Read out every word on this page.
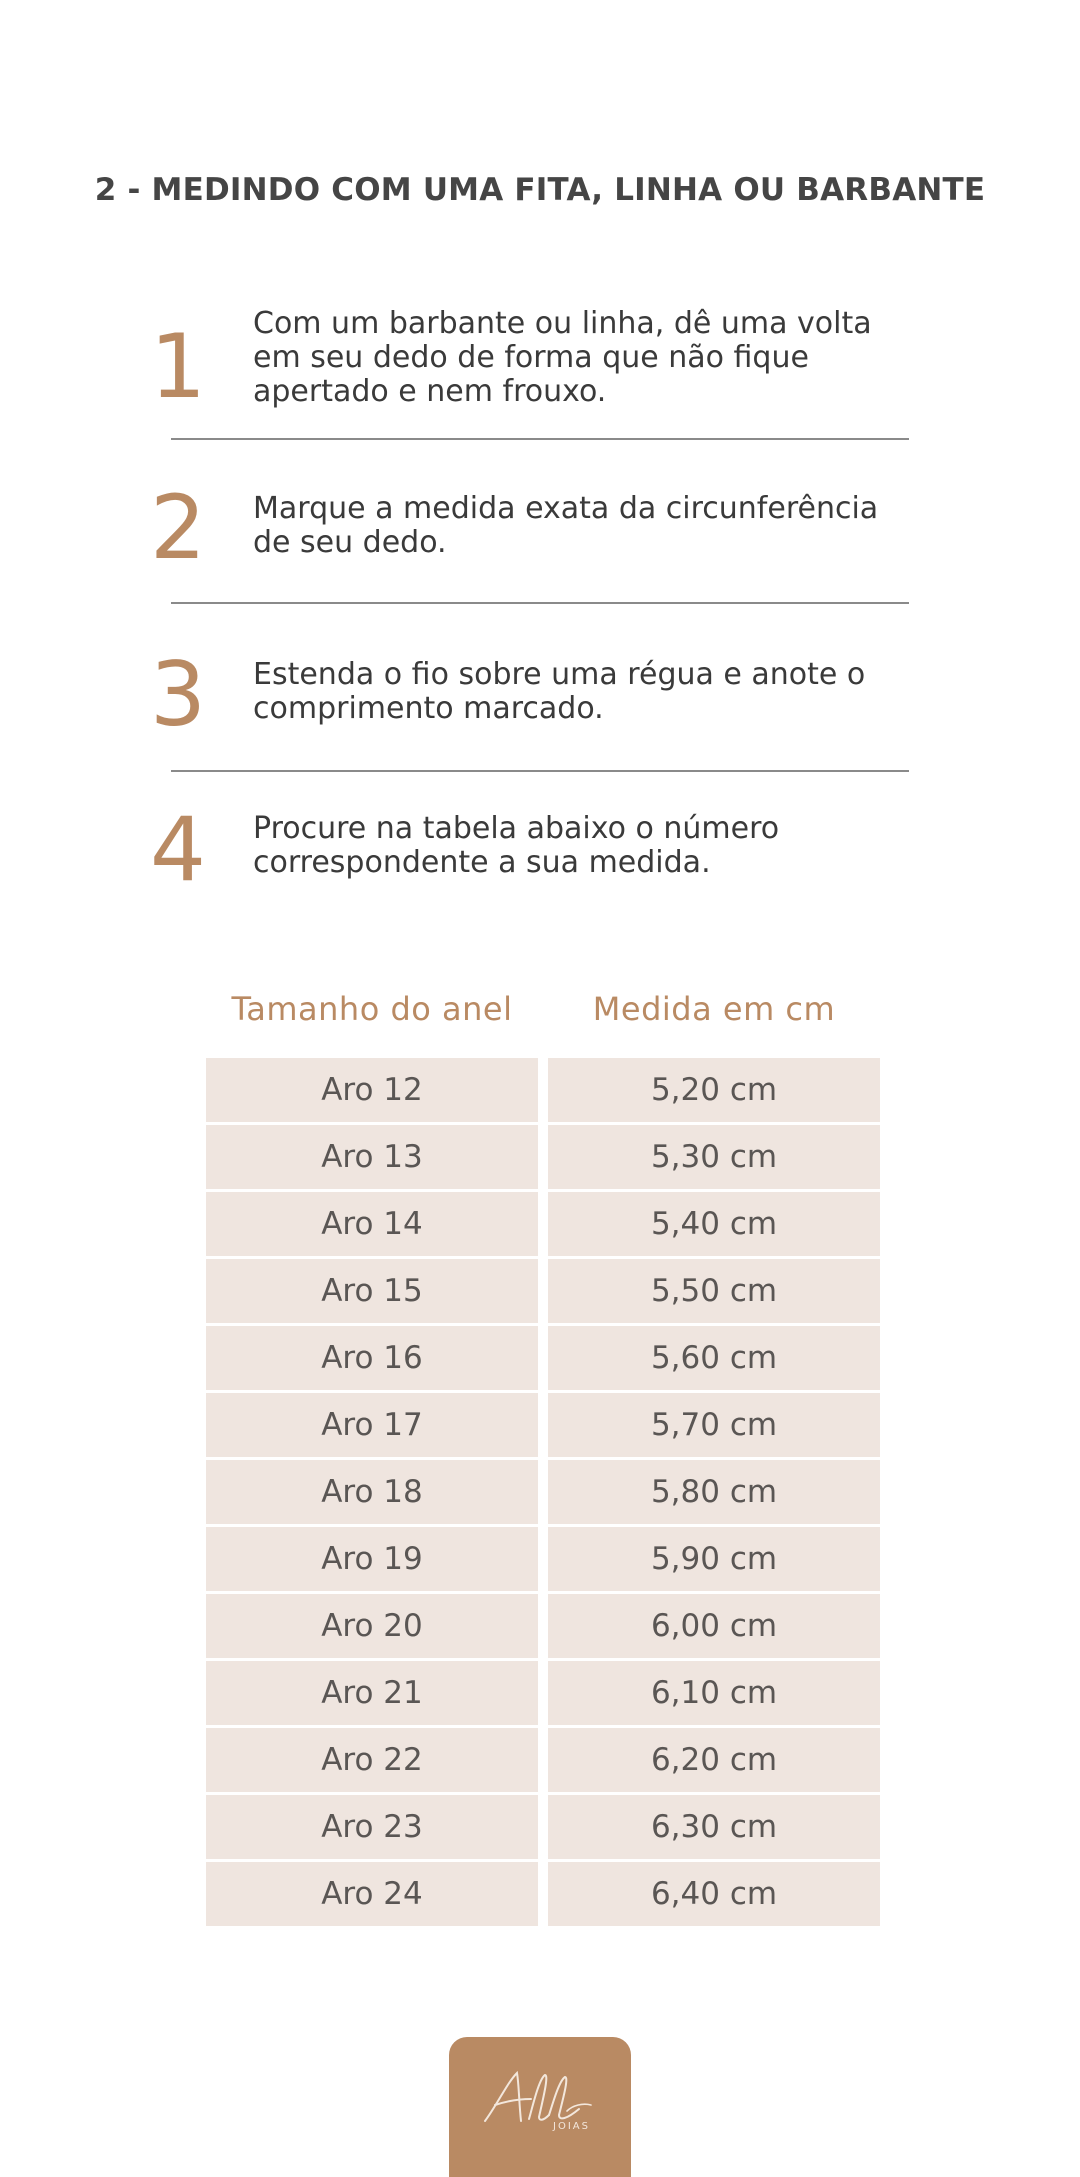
2 - MEDINDO COM UMA FITA, LINHA OU BARBANTE
1 Com um barbante ou linha, dê uma volta
em seu dedo de forma que não fique
apertado e nem frouxo.
2 Marque a medida exata da circunferência
de seu dedo.
3 Estenda o fio sobre uma régua e anote o
comprimento marcado.
4 Procure na tabela abaixo o número
correspondente a sua medida.
Tamanho do anel	Medida em cm
Aro 12	5,20 cm
Aro 13	5,30 cm
Aro 14	5,40 cm
Aro 15	5,50 cm
Aro 16	5,60 cm
Aro 17	5,70 cm
Aro 18	5,80 cm
Aro 19	5,90 cm
Aro 20	6,00 cm
Aro 21	6,10 cm
Aro 22	6,20 cm
Aro 23	6,30 cm
Aro 24	6,40 cm
JOIAS
